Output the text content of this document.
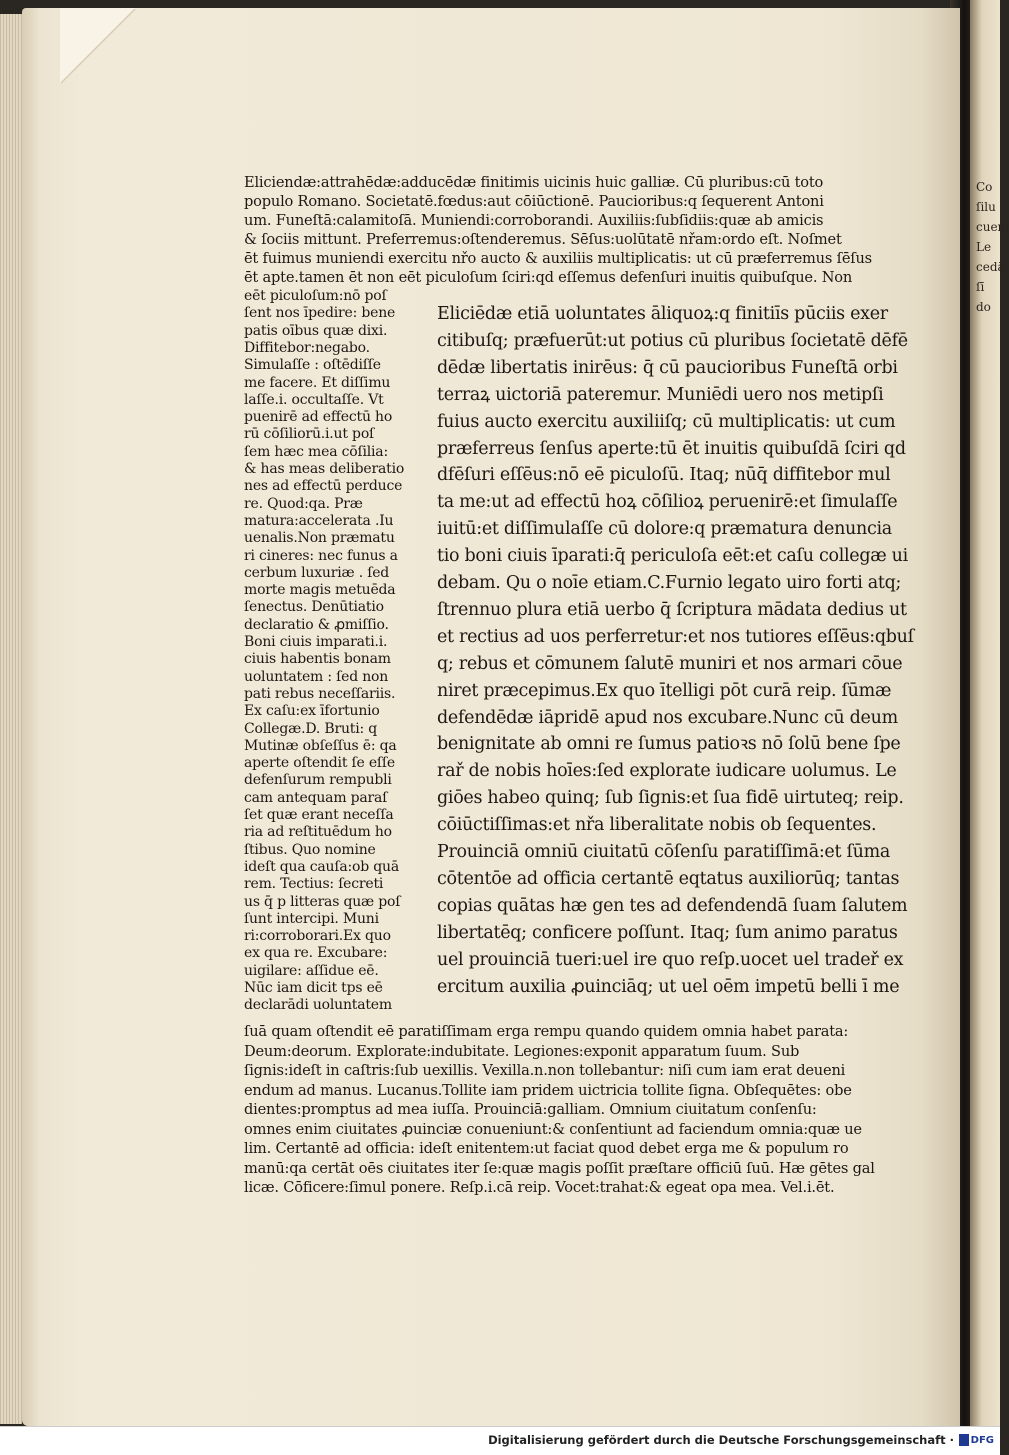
Co
ſilu
cuem
Le
cedā
ſī
do
Eliciendæ:attrahēdæ:adducēdæ finitimis uicinis huic galliæ. Cū pluribus:cū toto
populo Romano. Societatē.fœdus:aut cōiūctionē. Paucioribus:q ſequerent Antoni
um. Funeſtā:calamitoſā. Muniendi:corroborandi. Auxiliis:ſubſidiis:quæ ab amicis
& ſociis mittunt. Preferremus:oſtenderemus. Sēſus:uolūtatē nřam:ordo eſt. Noſmet
ēt fuimus muniendi exercitu nřo aucto & auxiliis multiplicatis: ut cū præferremus ſēſus
ēt apte.tamen ēt non eēt piculoſum ſciri:qd eſſemus defenſuri inuitis quibuſque. Non
eēt piculoſum:nō poſ
ſent nos īpedire: bene
patis oībus quæ dixi.
Diffitebor:negabo.
Simulaſſe : oſtēdiſſe
me facere. Et diſſimu
laſſe.i. occultaſſe. Vt
puenirē ad effectū ho
rū cōſiliorū.i.ut poſ
ſem hæc mea cōſilia:
& has meas deliberatio
nes ad effectū perduce
re. Quod:qa. Præ
matura:accelerata .Iu
uenalis.Non præmatu
ri cineres: nec funus a
cerbum luxuriæ . ſed
morte magis metuēda
ſenectus. Denūtiatio
declaratio & ꝓmiſſio.
Boni ciuis imparati.i.
ciuis habentis bonam
uoluntatem : ſed non
pati rebus neceſſariis.
Ex caſu:ex īfortunio
Collegæ.D. Bruti: q
Mutinæ obſeſſus ē: qa
aperte oſtendit ſe eſſe
defenſurum rempubli
cam antequam paraſ
ſet quæ erant neceſſa
ria ad reſtituēdum ho
ſtibus. Quo nomine
ideſt qua cauſa:ob quā
rem. Tectius: ſecreti
us q̄ p litteras quæ poſ
ſunt intercipi. Muni
ri:corroborari.Ex quo
ex qua re. Excubare:
uigilare: aſſidue eē.
Nūc iam dicit tps eē
declarādi uoluntatem
Eliciēdæ etiā uoluntates āliquoꝝ:q finitiīs pūciis exer
citibuſq; præfuerūt:ut potius cū pluribus ſocietatē dēfē
dēdæ libertatis inirēus: q̄ cū paucioribus Funeſtā orbi
terraꝝ uictoriā pateremur. Muniēdi uero nos metipſi
fuius aucto exercitu auxiliiſq; cū multiplicatis: ut cum
præferreus ſenſus aperte:tū ēt inuitis quibuſdā ſciri qd
dfēſuri eſſēus:nō eē piculoſū. Itaq; nūq̄ diffitebor mul
ta me:ut ad effectū hoꝝ cōſilioꝝ peruenirē:et ſimulaſſe
iuitū:et diſſimulaſſe cū dolore:q præmatura denuncia
tio boni ciuis īparati:q̄ periculoſa eēt:et caſu collegæ ui
debam. Qu o noīe etiam.C.Furnio legato uiro forti atq;
ſtrennuo plura etiā uerbo q̄ ſcriptura mādata dedius ut
et rectius ad uos perferretur:et nos tutiores eſſēus:qbuſ
q; rebus et cōmunem ſalutē muniri et nos armari cōue
niret præcepimus.Ex quo ītelligi pōt curā reip. ſūmæ
defendēdæ iāpridē apud nos excubare.Nunc cū deum
benignitate ab omni re ſumus patioꝛs nō ſolū bene ſpe
rař de nobis hoīes:ſed explorate iudicare uolumus. Le
giōes habeo quinq; ſub ſignis:et ſua fidē uirtuteq; reip.
cōiūctiſſimas:et nřa liberalitate nobis ob ſequentes.
Prouinciā omniū ciuitatū cōſenſu paratiſſimā:et ſūma
cōtentōe ad officia certantē eqtatus auxiliorūq; tantas
copias quātas hæ gen tes ad defendendā ſuam ſalutem
libertatēq; conficere poſſunt. Itaq; ſum animo paratus
uel prouinciā tueri:uel ire quo reſp.uocet uel tradeř ex
ercitum auxilia ꝓuinciāq; ut uel oēm impetū belli ī me
ſuā quam oſtendit eē paratiſſimam erga rempu quando quidem omnia habet parata:
Deum:deorum. Explorate:indubitate. Legiones:exponit apparatum ſuum. Sub
ſignis:ideſt in caſtris:ſub uexillis. Vexilla.n.non tollebantur: niſi cum iam erat deueni
endum ad manus. Lucanus.Tollite iam pridem uictricia tollite ſigna. Obſequētes: obe
dientes:promptus ad mea iuſſa. Prouinciā:galliam. Omnium ciuitatum conſenſu:
omnes enim ciuitates ꝓuinciæ conueniunt:& conſentiunt ad faciendum omnia:quæ ue
lim. Certantē ad officia: ideſt enitentem:ut faciat quod debet erga me & populum ro
manū:qa certāt oēs ciuitates iter ſe:quæ magis poſſit præſtare officiū ſuū. Hæ gētes gal
licæ. Cōficere:ſimul ponere. Reſp.i.cā reip. Vocet:trahat:& egeat opa mea. Vel.i.ēt.
Digitalisierung gefördert durch die Deutsche Forschungsgemeinschaft · DFG
